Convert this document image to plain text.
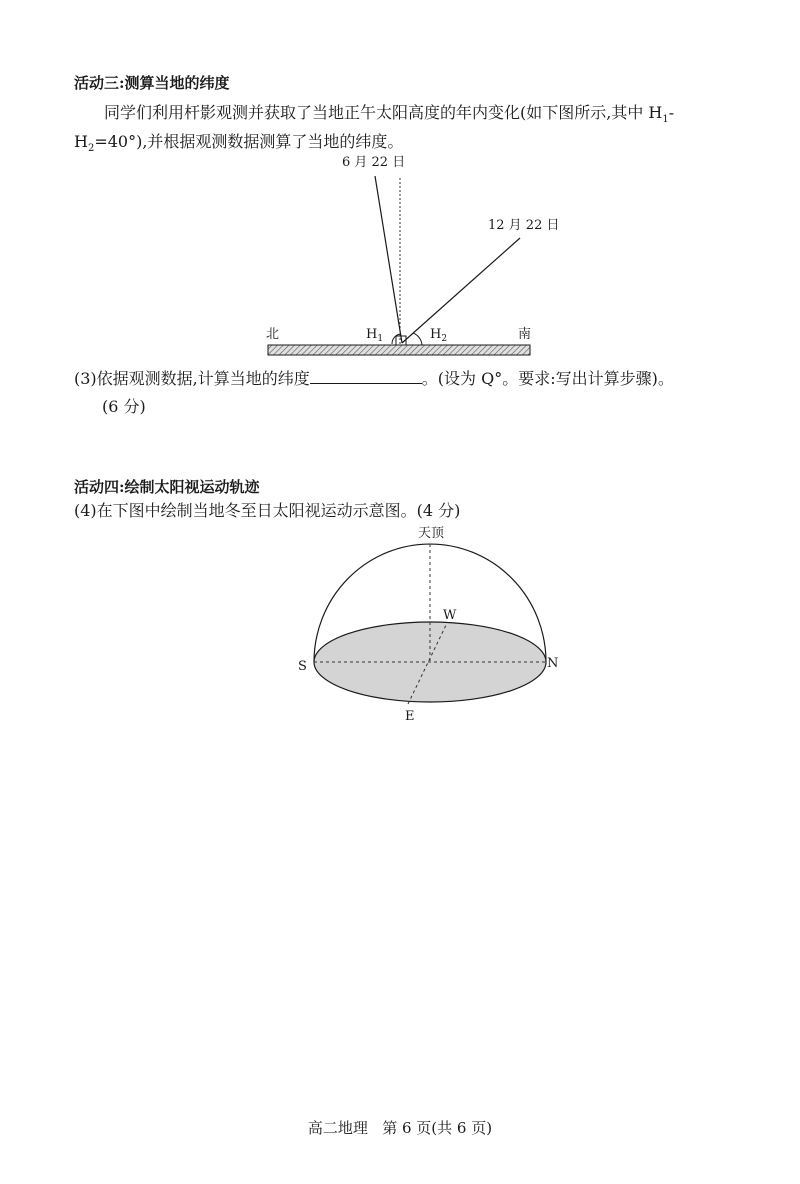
活动三:测算当地的纬度
同学们利用杆影观测并获取了当地正午太阳高度的年内变化(如下图所示,其中 $H_1-$
$H_2=40^\circ$),并根据观测数据测算了当地的纬度。
6 月 22 日
12 月 22 日
北	南
$H_1$	$H_2$
(3)依据观测数据,计算当地的纬度	。(设为 Q°。要求:写出计算步骤)。
(6 分)
活动四:绘制太阳视运动轨迹
(4)在下图中绘制当地冬至日太阳视运动示意图。(4 分)
天顶
W
S	N
E
高二地理   第 6 页(共 6 页)
